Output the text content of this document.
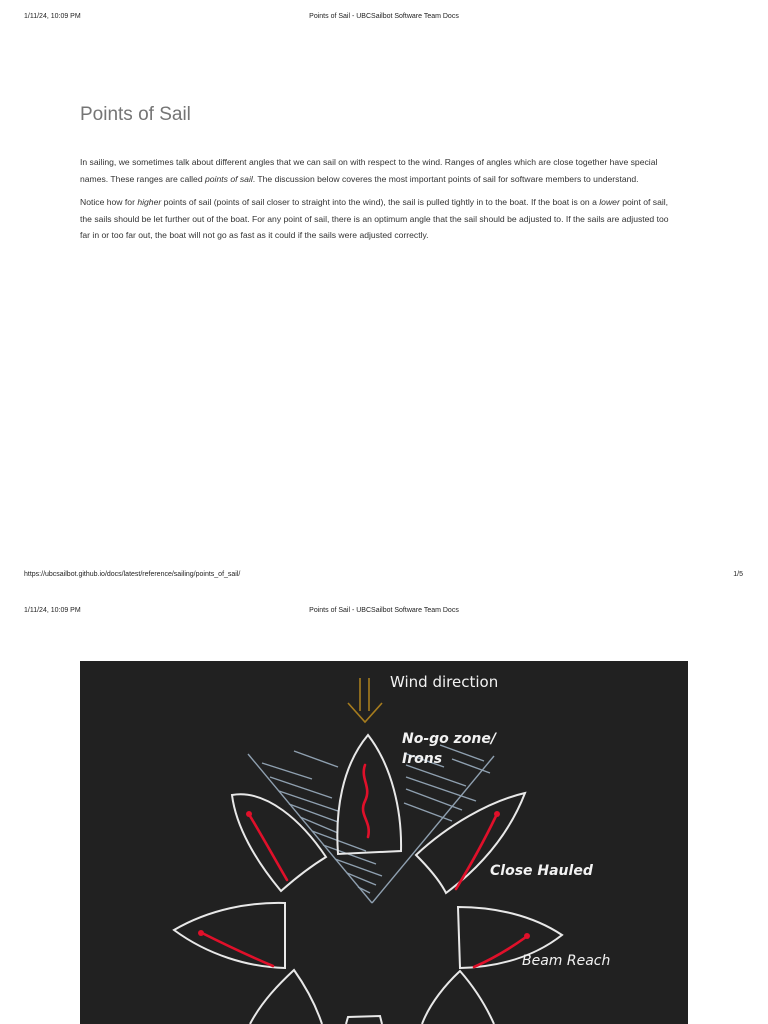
1/11/24, 10:09 PM	Points of Sail - UBCSailbot Software Team Docs
Points of Sail

In sailing, we sometimes talk about different angles that we can sail on with respect to the wind. Ranges of angles which are close together have special names. These ranges are called points of sail. The discussion below coveres the most important points of sail for software members to understand.

Notice how for higher points of sail (points of sail closer to straight into the wind), the sail is pulled tightly in to the boat. If the boat is on a lower point of sail, the sails should be let further out of the boat. For any point of sail, there is an optimum angle that the sail should be adjusted to. If the sails are adjusted too far in or too far out, the boat will not go as fast as it could if the sails were adjusted correctly.

https://ubcsailbot.github.io/docs/latest/reference/sailing/points_of_sail/	1/5
1/11/24, 10:09 PM	Points of Sail - UBCSailbot Software Team Docs
Wind direction
No-go zone/
Irons
Close Hauled
Beam Reach
